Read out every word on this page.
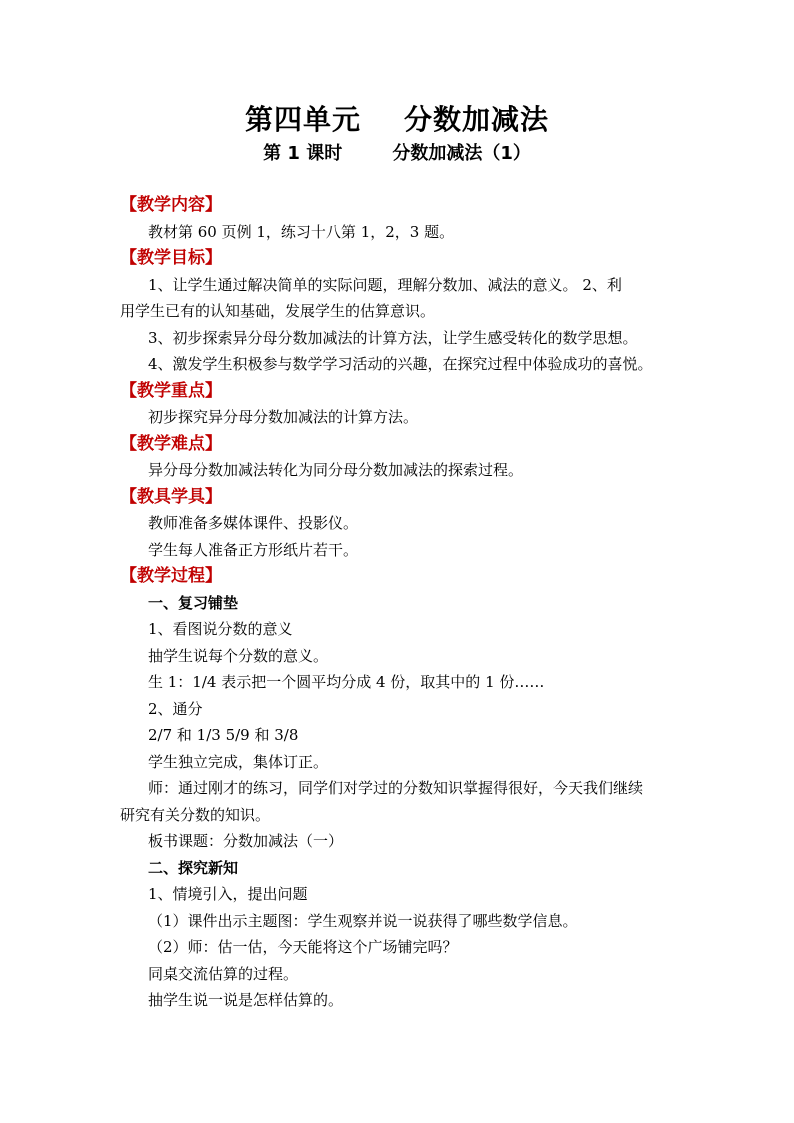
第四单元    分数加减法
第 1 课时        分数加减法（1）
【教学内容】
教材第 60 页例 1，练习十八第 1，2，3 题。
【教学目标】
1、让学生通过解决简单的实际问题，理解分数加、减法的意义。 2、利
用学生已有的认知基础，发展学生的估算意识。
3、初步探索异分母分数加减法的计算方法，让学生感受转化的数学思想。
4、激发学生积极参与数学学习活动的兴趣，在探究过程中体验成功的喜悦。
【教学重点】
初步探究异分母分数加减法的计算方法。
【教学难点】
异分母分数加减法转化为同分母分数加减法的探索过程。
【教具学具】
教师准备多媒体课件、投影仪。
学生每人准备正方形纸片若干。
【教学过程】
一、复习铺垫
1、看图说分数的意义
抽学生说每个分数的意义。
生 1：1/4 表示把一个圆平均分成 4 份，取其中的 1 份……
2、通分
2/7 和 1/3 5/9 和 3/8
学生独立完成，集体订正。
师：通过刚才的练习，同学们对学过的分数知识掌握得很好，今天我们继续
研究有关分数的知识。
板书课题：分数加减法（一）
二、探究新知
1、情境引入，提出问题
（1）课件出示主题图：学生观察并说一说获得了哪些数学信息。
（2）师：估一估，今天能将这个广场铺完吗？
同桌交流估算的过程。
抽学生说一说是怎样估算的。
